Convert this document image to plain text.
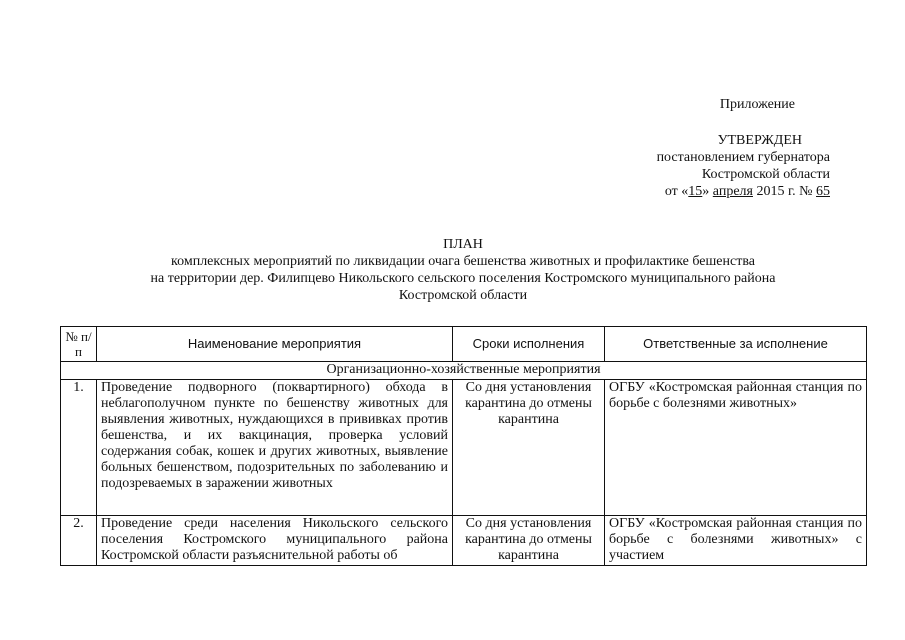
Приложение
УТВЕРЖДЕН
постановлением губернатора
Костромской области
от «15» апреля 2015 г. № 65
ПЛАН
комплексных мероприятий по ликвидации очага бешенства животных и профилактике бешенства
на территории дер. Филипцево Никольского сельского поселения Костромского муниципального района
Костромской области
№ п/п	Наименование мероприятия	Сроки исполнения	Ответственные за исполнение
Организационно-хозяйственные мероприятия			
1.	Проведение подворного (поквартирного) обхода в неблагополучном пункте по бешенству животных для выявления животных, нуждающихся в прививках против бешенства, и их вакцинация, проверка условий содержания собак, кошек и других животных, выявление больных бешенством, подозрительных по заболеванию и подозреваемых в заражении животных	Со дня установления карантина до отмены карантина	ОГБУ «Костромская районная станция по борьбе с болезнями животных»
2.	Проведение среди населения Никольского сельского поселения Костромского муниципального района Костромской области разъяснительной работы об	Со дня установления карантина до отмены карантина	ОГБУ «Костромская районная станция по борьбе с болезнями животных» с участием
